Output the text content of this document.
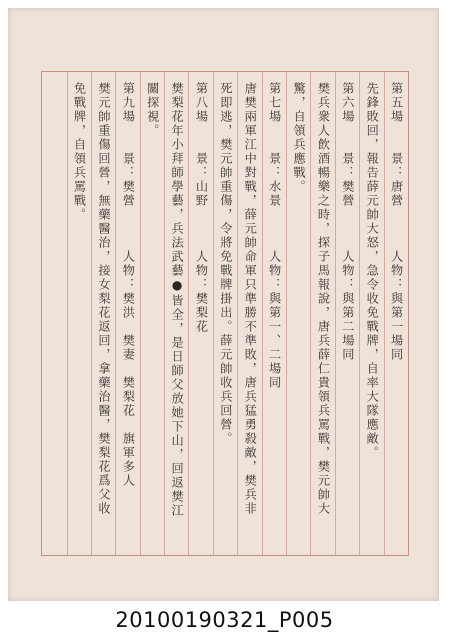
第五場　　景：唐營　　　人物：與第一場同
先鋒敗回，報告薛元帥大怒，急令收免戰牌，自率大隊應敵。
第六場　　景：樊營　　　人物：與第二場同
樊兵衆人飲酒暢樂之時，探子馬報說，唐兵薛仁貴領兵罵戰，樊元帥大
驚，自領兵應戰。
第七場　　景：水景　　　人物：與第一、二場同
唐樊兩軍江中對戰，薛元帥命軍只準勝不準敗，唐兵猛勇殺敵，樊兵非
死即逃，樊元帥重傷，令將免戰牌掛出。薛元帥收兵回營。
第八場　　景：山野　　　人物：樊梨花
樊梨花年小拜師學藝，兵法武藝●皆全，是日師父放她下山，回返樊江
關探視。
第九場　　景：樊營　　　人物：樊洪　樊妻　樊梨花　旗軍多人
樊元帥重傷回營，無藥醫治，接女梨花返回，拿藥治醫，樊梨花爲父收
免戰牌，自領兵罵戰。
20100190321_P005
